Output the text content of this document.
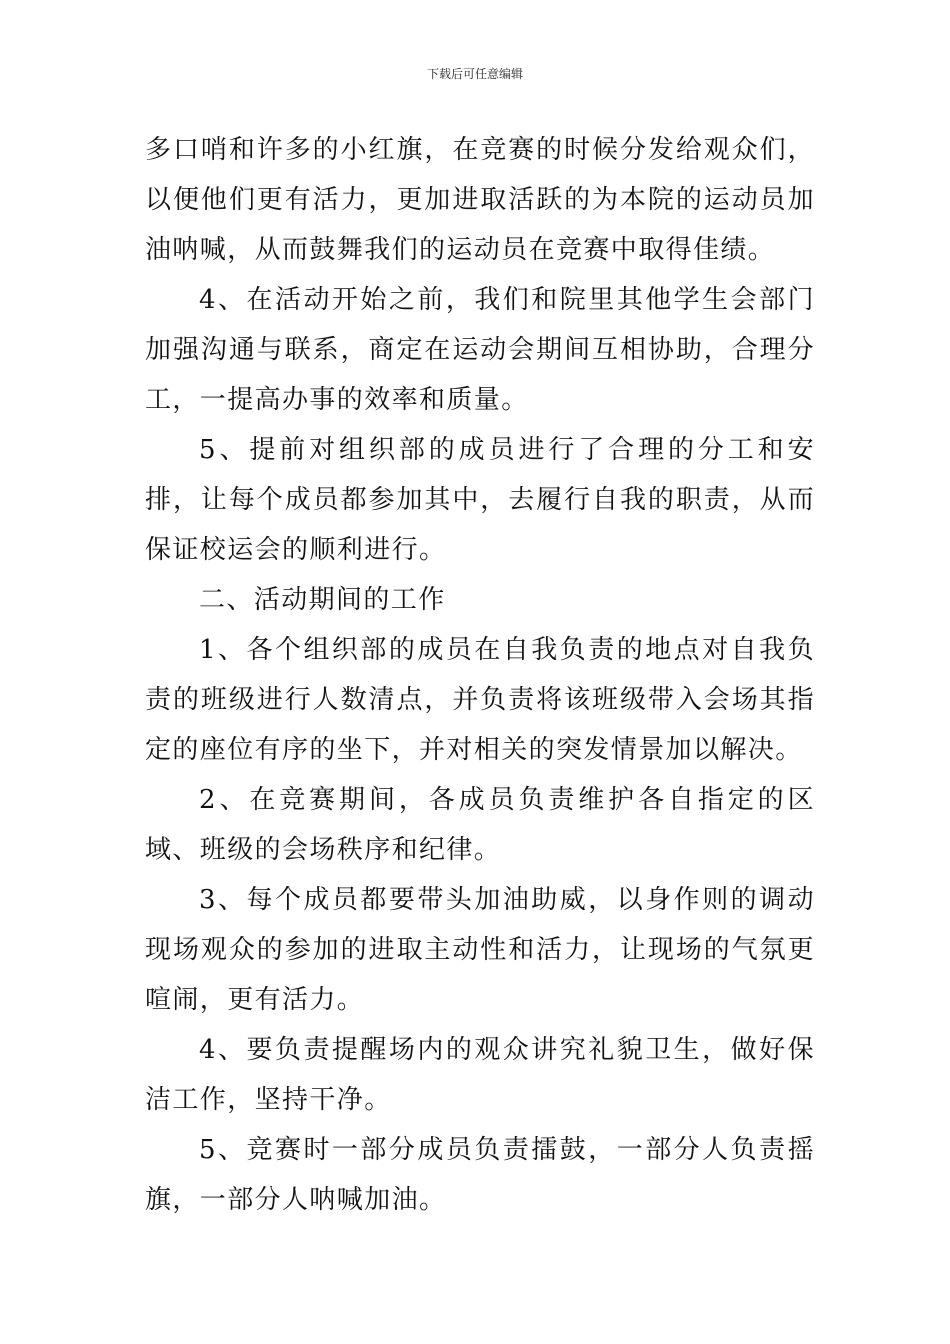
下载后可任意编辑

多口哨和许多的小红旗，在竞赛的时候分发给观众们，以便他们更有活力，更加进取活跃的为本院的运动员加油呐喊，从而鼓舞我们的运动员在竞赛中取得佳绩。

4、在活动开始之前，我们和院里其他学生会部门加强沟通与联系，商定在运动会期间互相协助，合理分工，一提高办事的效率和质量。

5、提前对组织部的成员进行了合理的分工和安排，让每个成员都参加其中，去履行自我的职责，从而保证校运会的顺利进行。

二、活动期间的工作

1、各个组织部的成员在自我负责的地点对自我负责的班级进行人数清点，并负责将该班级带入会场其指定的座位有序的坐下，并对相关的突发情景加以解决。

2、在竞赛期间，各成员负责维护各自指定的区域、班级的会场秩序和纪律。

3、每个成员都要带头加油助威，以身作则的调动现场观众的参加的进取主动性和活力，让现场的气氛更喧闹，更有活力。

4、要负责提醒场内的观众讲究礼貌卫生，做好保洁工作，坚持干净。

5、竞赛时一部分成员负责擂鼓，一部分人负责摇旗，一部分人呐喊加油。
